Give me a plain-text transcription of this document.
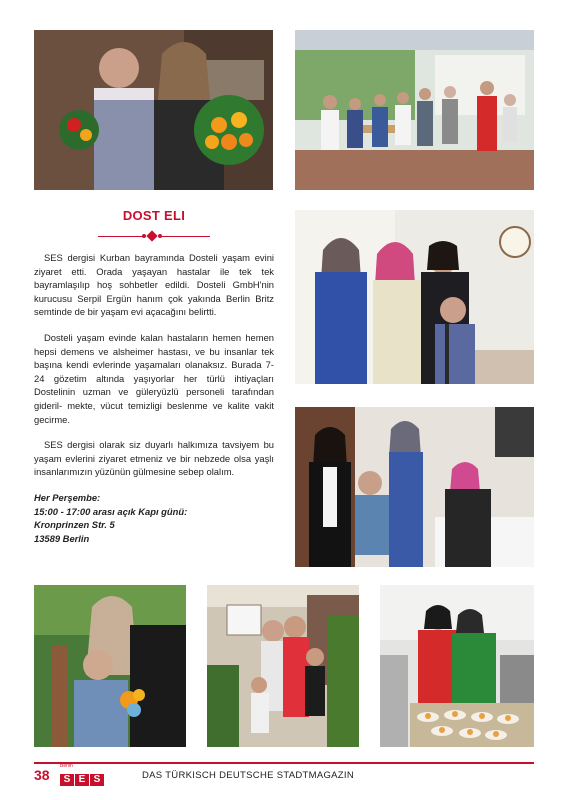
DOST ELI

SES dergisi Kurban bayramında Dosteli yaşam evini ziyaret etti. Orada yaşayan hastalar ile tek tek bayramlaşılıp hoş sohbetler edildi. Dosteli GmbH'nin kurucusu Serpil Ergün hanım çok yakında Berlin Britz semtinde de bir yaşam evi açacağını belirtti.

Dosteli yaşam evinde kalan hastaların hemen hemen hepsi demens ve alsheimer hastası, ve bu insanlar tek başına kendi evlerinde yaşamaları olanaksız. Burada 7-24 gözetim altında yaşıyorlar her türlü ihtiyaçları Dostelinin uzman ve güleryüzlü personeli tarafından gideril- mekte, vücut temizligi beslenme ve kalite vakit gecirme.

SES dergisi olarak siz duyarlı halkımıza tavsiyem bu yaşam evlerini ziyaret etmeniz ve bir nebzede olsa yaşlı insanlarımızın yüzünün gülmesine sebep olalım.

Her Perşembe:
15:00 - 17:00 arası açık Kapı günü:
Kronprinzen Str. 5
13589 Berlin
38
Berlin
S E S	DAS TÜRKISCH DEUTSCHE STADTMAGAZIN
